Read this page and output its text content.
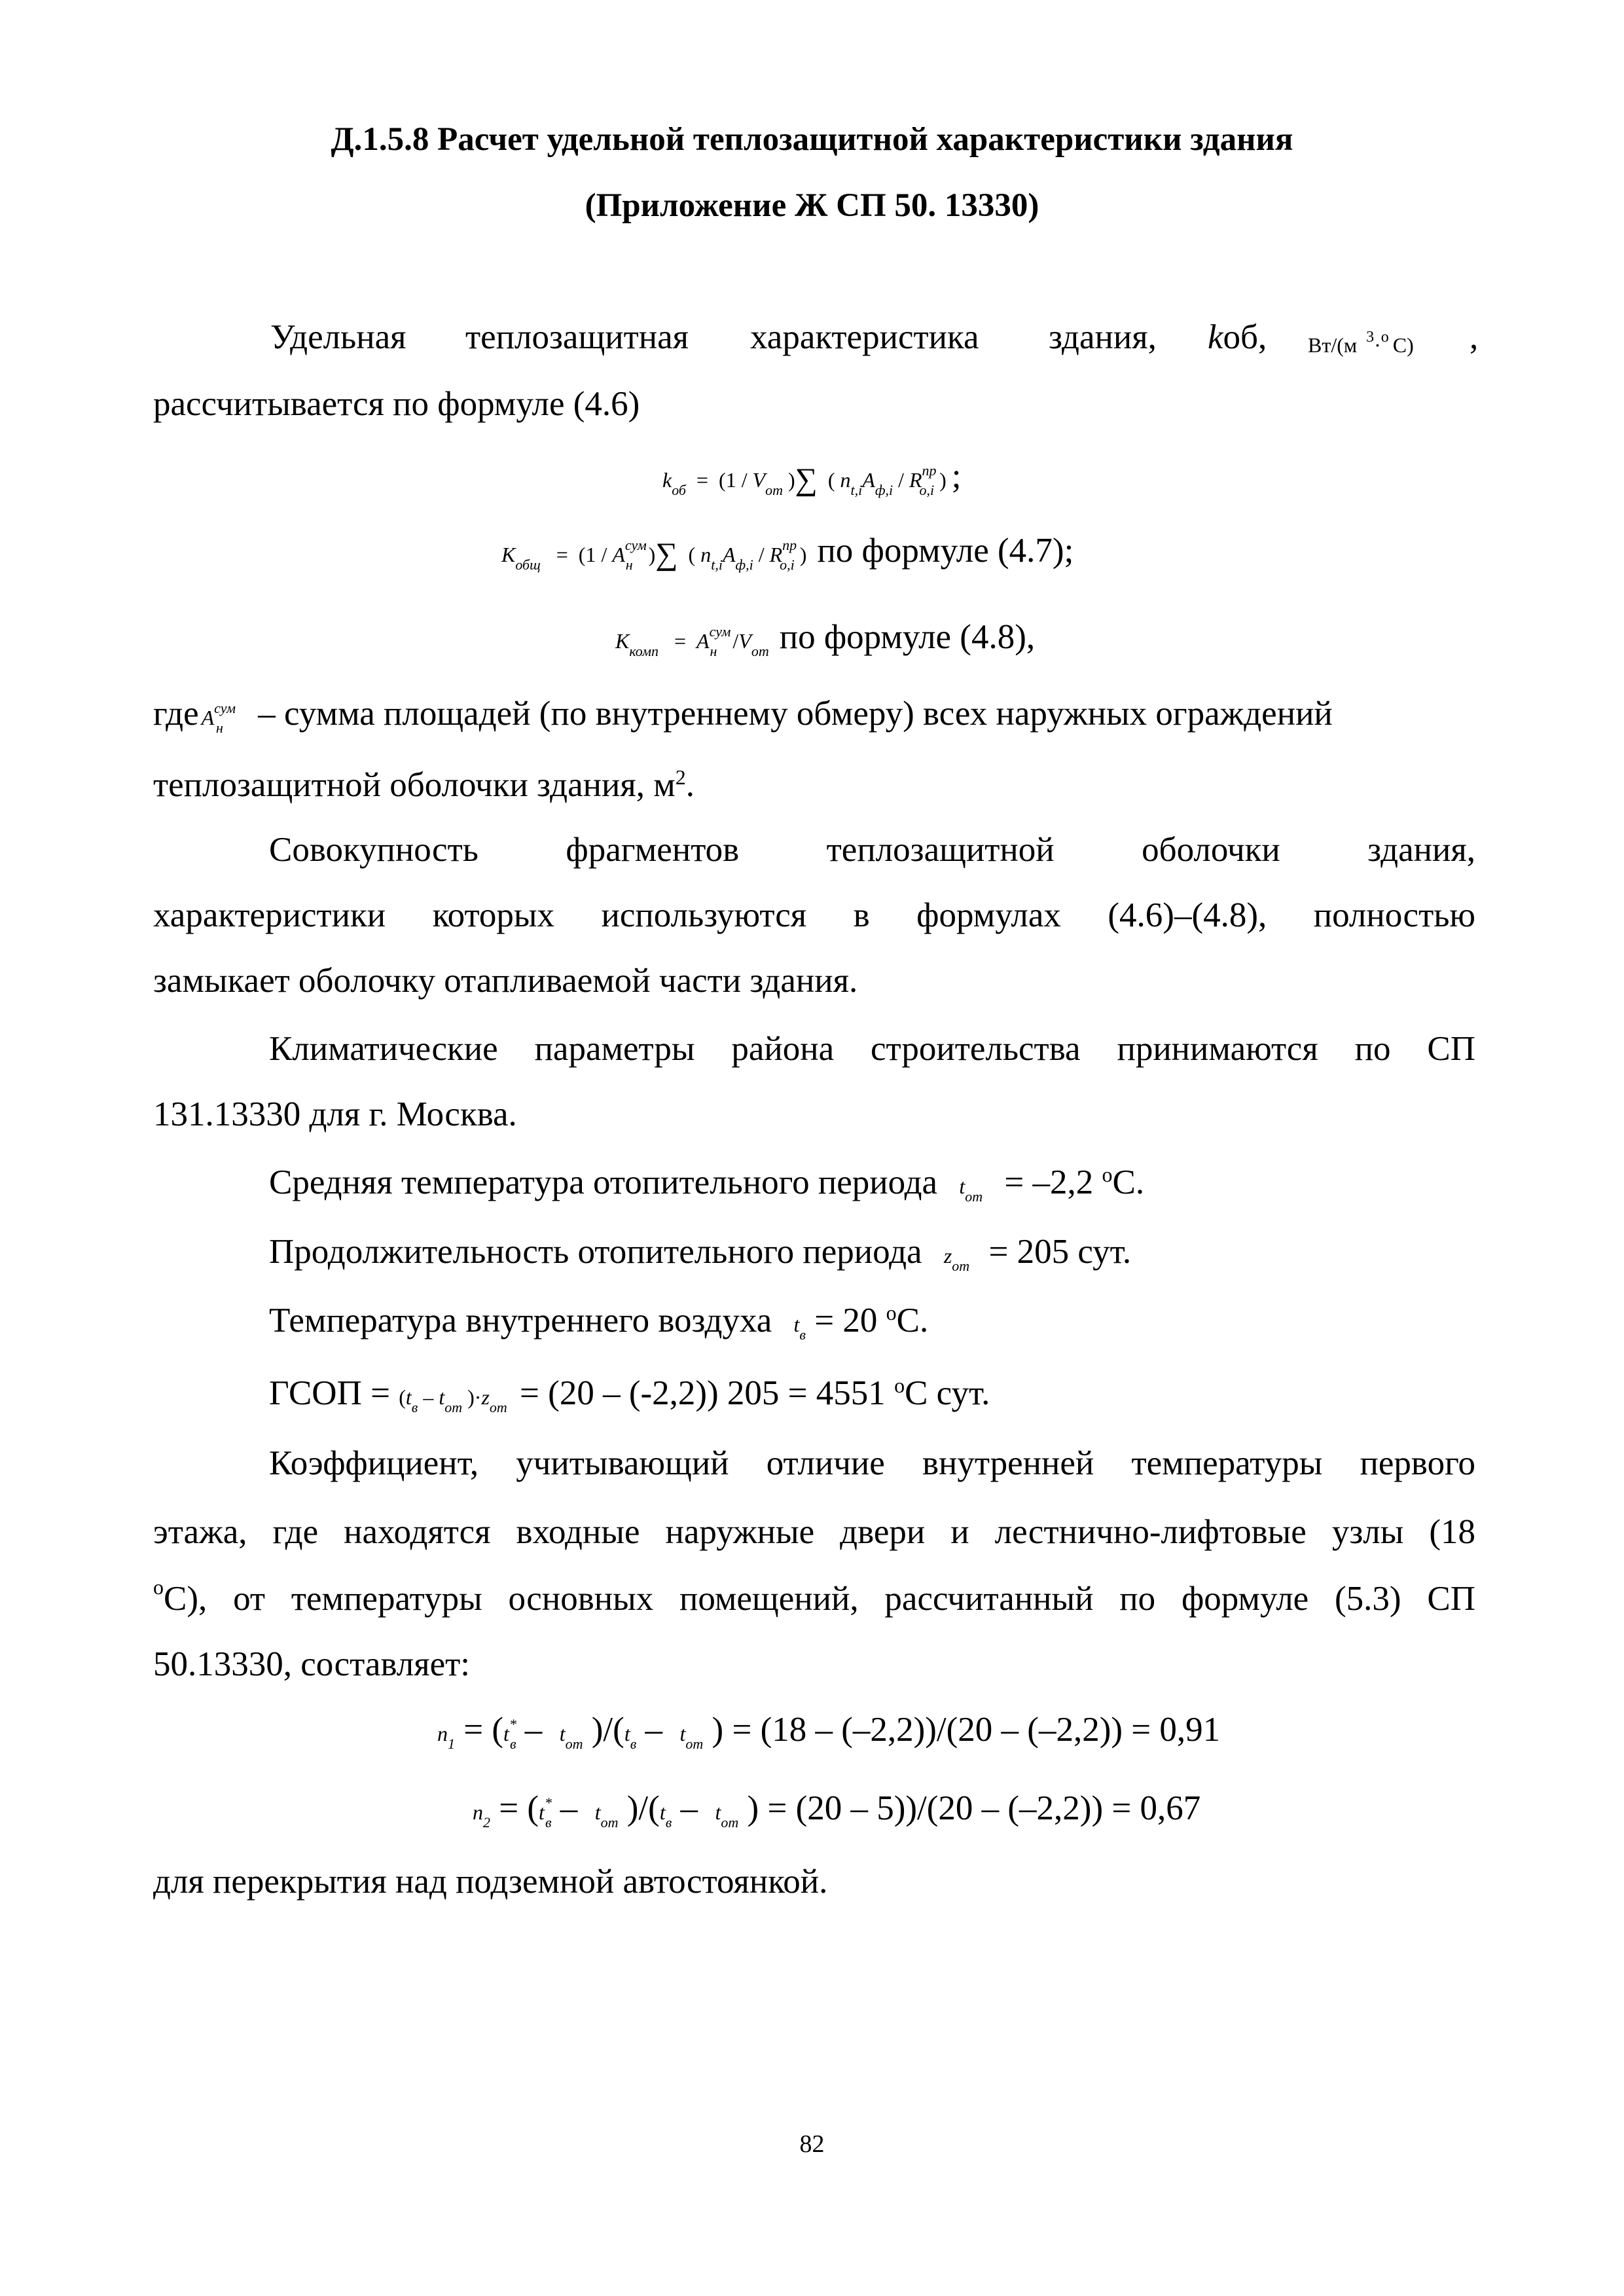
Д.1.5.8 Расчет удельной теплозащитной характеристики здания
(Приложение Ж СП 50. 13330)
Удельная теплозащитная характеристика здания, kоб, Вт/(м $^3$·$^о$ С) ,
рассчитывается по формуле (4.6)
$k_{об} = (1 / V_{от}$ )∑ ( $n_{t,i}A_{ф,i} / R^{пр}_{о,i}$ ) ;
$K_{общ} = (1 / A^{сум}_н$ )∑ ( $n_{t,i}A_{ф,i} / R^{пр}_{о,i}$ ) по формуле (4.7);
$K_{комп} = A^{сум}_н$ $/V_{от}$ по формуле (4.8),
где $A^{сум}_н$ – сумма площадей (по внутреннему обмеру) всех наружных ограждений
теплозащитной оболочки здания, $м^2$.
Совокупность фрагментов теплозащитной оболочки здания,
характеристики которых используются в формулах (4.6)–(4.8), полностью
замыкает оболочку отапливаемой части здания.
Климатические параметры района строительства принимаются по СП
131.13330 для г. Москва.
Средняя температура отопительного периода $t_{от} = -2,2$ $^о$С.
Продолжительность отопительного периода $z_{от} = 205$ сут.
Температура внутреннего воздуха $t_в = 20$ $^о$С.
ГСОП = ($t_в - t_{от}$ )$\cdot z_{от} = (20 - (-2,2))$ 205 = 4551 $^о$С сут.
Коэффициент, учитывающий отличие внутренней температуры первого
этажа, где находятся входные наружные двери и лестнично-лифтовые узлы (18
о С), от температуры основных помещений, рассчитанный по формуле (5.3) СП
50.13330, составляет:
$n_1 = (t^*_в - t_{от}$ )$/(t_в - t_{от}$ ) = (18 – (–2,2))/(20 – (–2,2)) = 0,91
$n_2 = (t^*_в - t_{от}$ )$/(t_в - t_{от}$ ) = (20 – 5))/(20 – (–2,2)) = 0,67
для перекрытия над подземной автостоянкой.
82
